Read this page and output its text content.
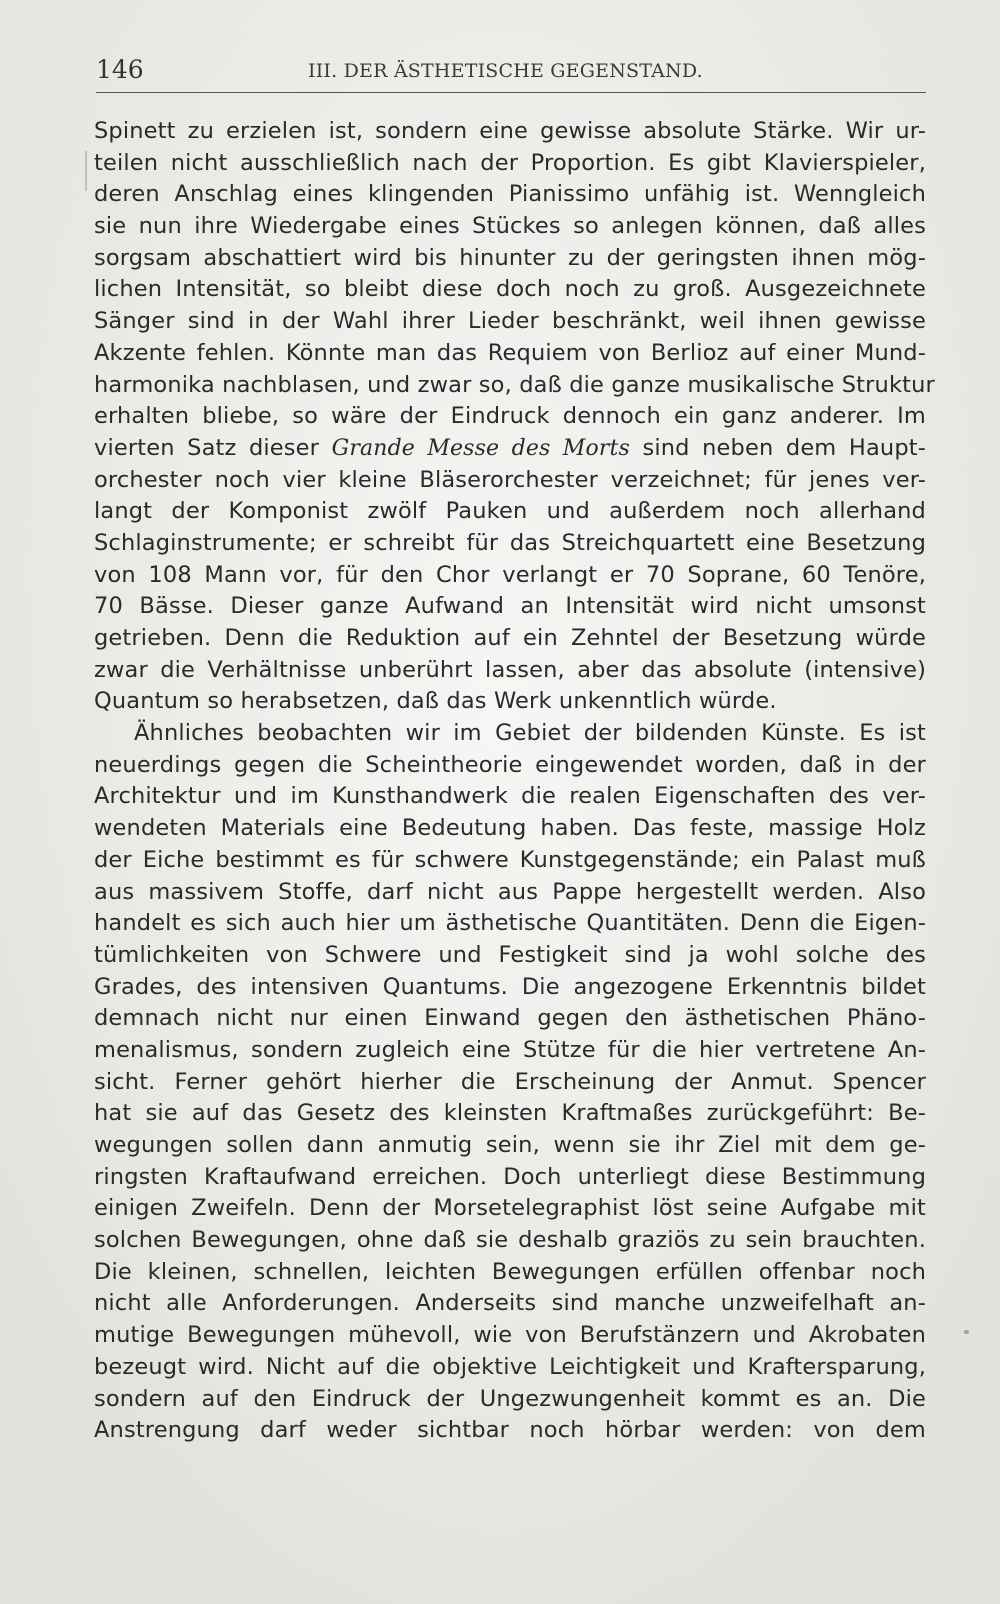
146	III. DER ÄSTHETISCHE GEGENSTAND.
Spinett zu erzielen ist, sondern eine gewisse absolute Stärke. Wir ur-
teilen nicht ausschließlich nach der Proportion. Es gibt Klavierspieler,
deren Anschlag eines klingenden Pianissimo unfähig ist. Wenngleich
sie nun ihre Wiedergabe eines Stückes so anlegen können, daß alles
sorgsam abschattiert wird bis hinunter zu der geringsten ihnen mög-
lichen Intensität, so bleibt diese doch noch zu groß. Ausgezeichnete
Sänger sind in der Wahl ihrer Lieder beschränkt, weil ihnen gewisse
Akzente fehlen. Könnte man das Requiem von Berlioz auf einer Mund-
harmonika nachblasen, und zwar so, daß die ganze musikalische Struktur
erhalten bliebe, so wäre der Eindruck dennoch ein ganz anderer. Im
vierten Satz dieser Grande Messe des Morts sind neben dem Haupt-
orchester noch vier kleine Bläserorchester verzeichnet; für jenes ver-
langt der Komponist zwölf Pauken und außerdem noch allerhand
Schlaginstrumente; er schreibt für das Streichquartett eine Besetzung
von 108 Mann vor, für den Chor verlangt er 70 Soprane, 60 Tenöre,
70 Bässe. Dieser ganze Aufwand an Intensität wird nicht umsonst
getrieben. Denn die Reduktion auf ein Zehntel der Besetzung würde
zwar die Verhältnisse unberührt lassen, aber das absolute (intensive)
Quantum so herabsetzen, daß das Werk unkenntlich würde.
Ähnliches beobachten wir im Gebiet der bildenden Künste. Es ist
neuerdings gegen die Scheintheorie eingewendet worden, daß in der
Architektur und im Kunsthandwerk die realen Eigenschaften des ver-
wendeten Materials eine Bedeutung haben. Das feste, massige Holz
der Eiche bestimmt es für schwere Kunstgegenstände; ein Palast muß
aus massivem Stoffe, darf nicht aus Pappe hergestellt werden. Also
handelt es sich auch hier um ästhetische Quantitäten. Denn die Eigen-
tümlichkeiten von Schwere und Festigkeit sind ja wohl solche des
Grades, des intensiven Quantums. Die angezogene Erkenntnis bildet
demnach nicht nur einen Einwand gegen den ästhetischen Phäno-
menalismus, sondern zugleich eine Stütze für die hier vertretene An-
sicht. Ferner gehört hierher die Erscheinung der Anmut. Spencer
hat sie auf das Gesetz des kleinsten Kraftmaßes zurückgeführt: Be-
wegungen sollen dann anmutig sein, wenn sie ihr Ziel mit dem ge-
ringsten Kraftaufwand erreichen. Doch unterliegt diese Bestimmung
einigen Zweifeln. Denn der Morsetelegraphist löst seine Aufgabe mit
solchen Bewegungen, ohne daß sie deshalb graziös zu sein brauchten.
Die kleinen, schnellen, leichten Bewegungen erfüllen offenbar noch
nicht alle Anforderungen. Anderseits sind manche unzweifelhaft an-
mutige Bewegungen mühevoll, wie von Berufstänzern und Akrobaten
bezeugt wird. Nicht auf die objektive Leichtigkeit und Kraftersparung,
sondern auf den Eindruck der Ungezwungenheit kommt es an. Die
Anstrengung darf weder sichtbar noch hörbar werden: von dem
